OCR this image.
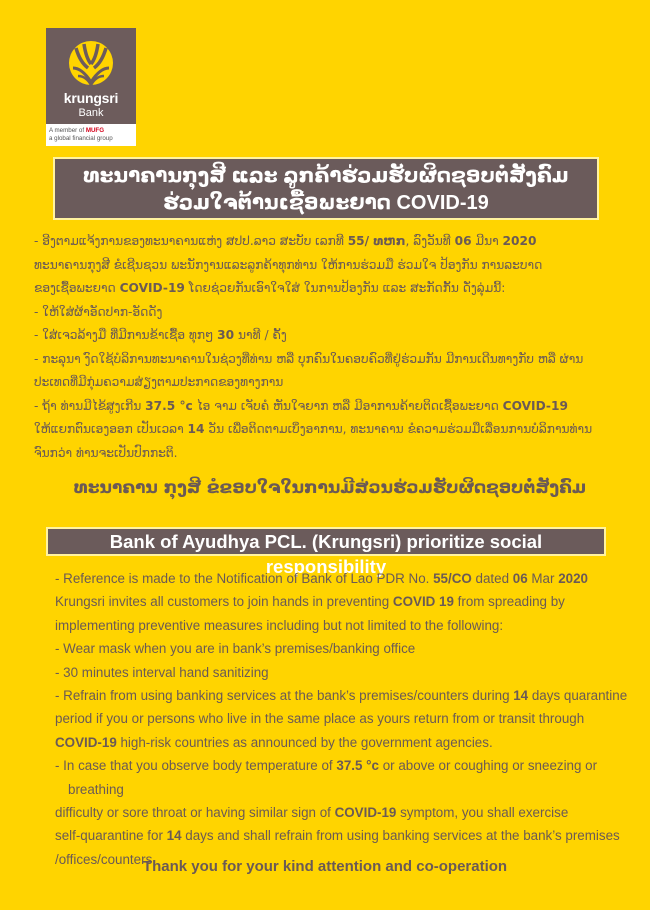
krungsri
Bank
A member of MUFG
a global financial group
ທະນາຄານກຸງສີ ແລະ ລູກຄ້າຮ່ວມຮັບຜິດຊອບຕໍ່ສັງຄົມ
ຮ່ວມໃຈຕ້ານເຊື້ອພະຍາດ COVID-19
- ອີງຕາມແຈ້ງການຂອງທະນາຄານແຫ່ງ ສປປ.ລາວ ສະບັບ ເລກທີ 55/ ທຫກ, ລົງວັນທີ 06 ມີນາ 2020
ທະນາຄານກຸງສີ ຂໍເຊີນຊວນ ພະນັກງານແລະລູກຄ້າທຸກທ່ານ ໃຫ້ການຮ່ວມມື ຮ່ວມໃຈ ປ້ອງກັນ ການລະບາດ
ຂອງເຊື້ອພະຍາດ COVID-19 ໂດຍຊ່ວຍກັນເອົາໃຈໃສ່ ໃນການປ້ອງກັນ ແລະ ສະກັດກັ້ນ ດັ່ງລຸ່ມນີ້:
- ໃຫ້ໃສ່ຜ້າອັດປາກ-ອັດດັງ
- ໃສ່ເຈວລ້າງມື ທີ່ມີການຂ້າເຊື້ອ ທຸກໆ 30 ນາທີ / ຄັ້ງ
- ກະລຸນາ ງົດໃຊ້ບໍລິການທະນາຄານໃນຊ່ວງທີ່ທ່ານ ຫລື ບຸກຄົນໃນຄອບຄົວທີ່ຢູ່ຮ່ວມກັນ ມີການເດີນທາງກັບ ຫລື ຜ່ານ
ປະເທດທີ່ມີກຸ່ມຄວາມສ່ຽງຕາມປະກາດຂອງທາງການ
- ຖ້າ ທ່ານມີໄຂ້ສູງເກີນ 37.5 °c ໄອ ຈາມ ເຈັບຄໍ ຫັນໃຈຍາກ ຫລື ມີອາການຄ້າຍຕິດເຊື້ອພະຍາດ COVID-19
ໃຫ້ແຍກຕົນເອງອອກ ເປັນເວລາ 14 ວັນ ເພື່ອຕິດຕາມເບິ່ງອາການ, ທະນາຄານ ຂໍຄວາມຮ່ວມມືເລື່ອນການບໍລິການທ່ານ
ຈົນກວ່າ ທ່ານຈະເປັນປົກກະຕິ.
ທະນາຄານ ກຸງສີ ຂໍຂອບໃຈໃນການມີສ່ວນຮ່ວມຮັບຜິດຊອບຕໍ່ສັງຄົມ
Bank of Ayudhya PCL. (Krungsri) prioritize social responsibility
- Reference is made to the Notification of Bank of Lao PDR No. 55/CO dated 06 Mar 2020
Krungsri invites all customers to join hands in preventing COVID 19 from spreading by
implementing preventive measures including but not limited to the following:
- Wear mask when you are in bank’s premises/banking office
- 30 minutes interval hand sanitizing
- Refrain from using banking services at the bank’s premises/counters during 14 days quarantine
period if you or persons who live in the same place as yours return from or transit through
COVID-19 high-risk countries as announced by the government agencies.
- In case that you observe body temperature of 37.5 °c or above or coughing or sneezing or breathing
difficulty or sore throat or having similar sign of COVID-19 symptom, you shall exercise
self-quarantine for 14 days and shall refrain from using banking services at the bank’s premises
/offices/counters
Thank you for your kind attention and co-operation
